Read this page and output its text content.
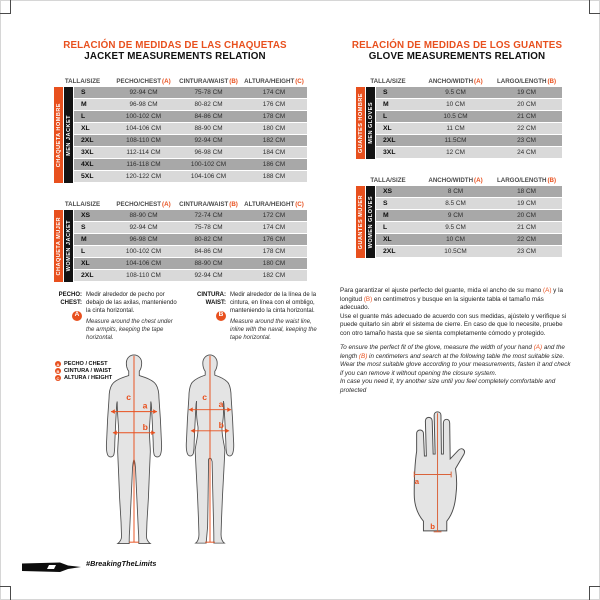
RELACIÓN DE MEDIDAS DE LAS CHAQUETAS
JACKET MEASUREMENTS RELATION
TALLA/SIZE	PECHO/CHEST(A)	CINTURA/WAIST(B)	ALTURA/HEIGHT(C)
CHAQUETA HOMBRE MEN JACKET
S	92-94 CM	75-78 CM	174 CM
M	96-98 CM	80-82 CM	176 CM
L	100-102 CM	84-86 CM	178 CM
XL	104-106 CM	88-90 CM	180 CM
2XL	108-110 CM	92-94 CM	182 CM
3XL	112-114 CM	96-98 CM	184 CM
4XL	116-118 CM	100-102 CM	186 CM
5XL	120-122 CM	104-106 CM	188 CM
TALLA/SIZE	PECHO/CHEST(A)	CINTURA/WAIST(B)	ALTURA/HEIGHT(C)
CHAQUETA MUJER WOMEN JACKET
XS	88-90 CM	72-74 CM	172 CM
S	92-94 CM	75-78 CM	174 CM
M	96-98 CM	80-82 CM	176 CM
L	100-102 CM	84-86 CM	178 CM
XL	104-106 CM	88-90 CM	180 CM
2XL	108-110 CM	92-94 CM	182 CM
PECHO:
CHEST:
A
Medir alrededor de pecho por debajo de las axilas, manteniendo la cinta horizontal.
Measure around the chest under the armpits, keeping the tape horizontal.
CINTURA:
WAIST:
B
Medir alrededor de la línea de la cintura, en línea con el ombligo, manteniendo la cinta horizontal.
Measure around the waist line, inline with the naval, keeping the tape horizontal.
A PECHO / CHEST
B CINTURA / WAIST
C ALTURA / HEIGHT
c
a
b
c
a
b
RELACIÓN DE MEDIDAS DE LOS GUANTES
GLOVE MEASUREMENTS RELATION
TALLA/SIZE	ANCHO/WIDTH(A)	LARGO/LENGTH(B)
GUANTES HOMBRE MEN GLOVES
S	9.5 CM	19 CM
M	10 CM	20 CM
L	10.5 CM	21 CM
XL	11 CM	22 CM
2XL	11.5CM	23 CM
3XL	12 CM	24 CM
TALLA/SIZE	ANCHO/WIDTH(A)	LARGO/LENGTH(B)
GUANTES MUJER WOMEN GLOVES
XS	8 CM	18 CM
S	8.5 CM	19 CM
M	9 CM	20 CM
L	9.5 CM	21 CM
XL	10 CM	22 CM
2XL	10.5CM	23 CM
Para garantizar el ajuste perfecto del guante, mida el ancho de su mano (A) y la longitud (B) en centímetros y busque en la siguiente tabla el tamaño más adecuado.
Use el guante más adecuado de acuerdo con sus medidas, ajústelo y verifique si puede quitarlo sin abrir el sistema de cierre. En caso de que lo necesite, pruebe con otro tamaño hasta que se sienta completamente cómodo y protegido.
To ensure the perfect fit of the glove, measure the width of your hand (A) and the length (B) in centimeters and search at the following table the most suitable size. Wear the most suitable glove according to your measurements, fasten it and check if you can remove it without opening the closure system.
In case you need it, try another size until you feel completely comfortable and protected
a
b
#BreakingTheLimits
